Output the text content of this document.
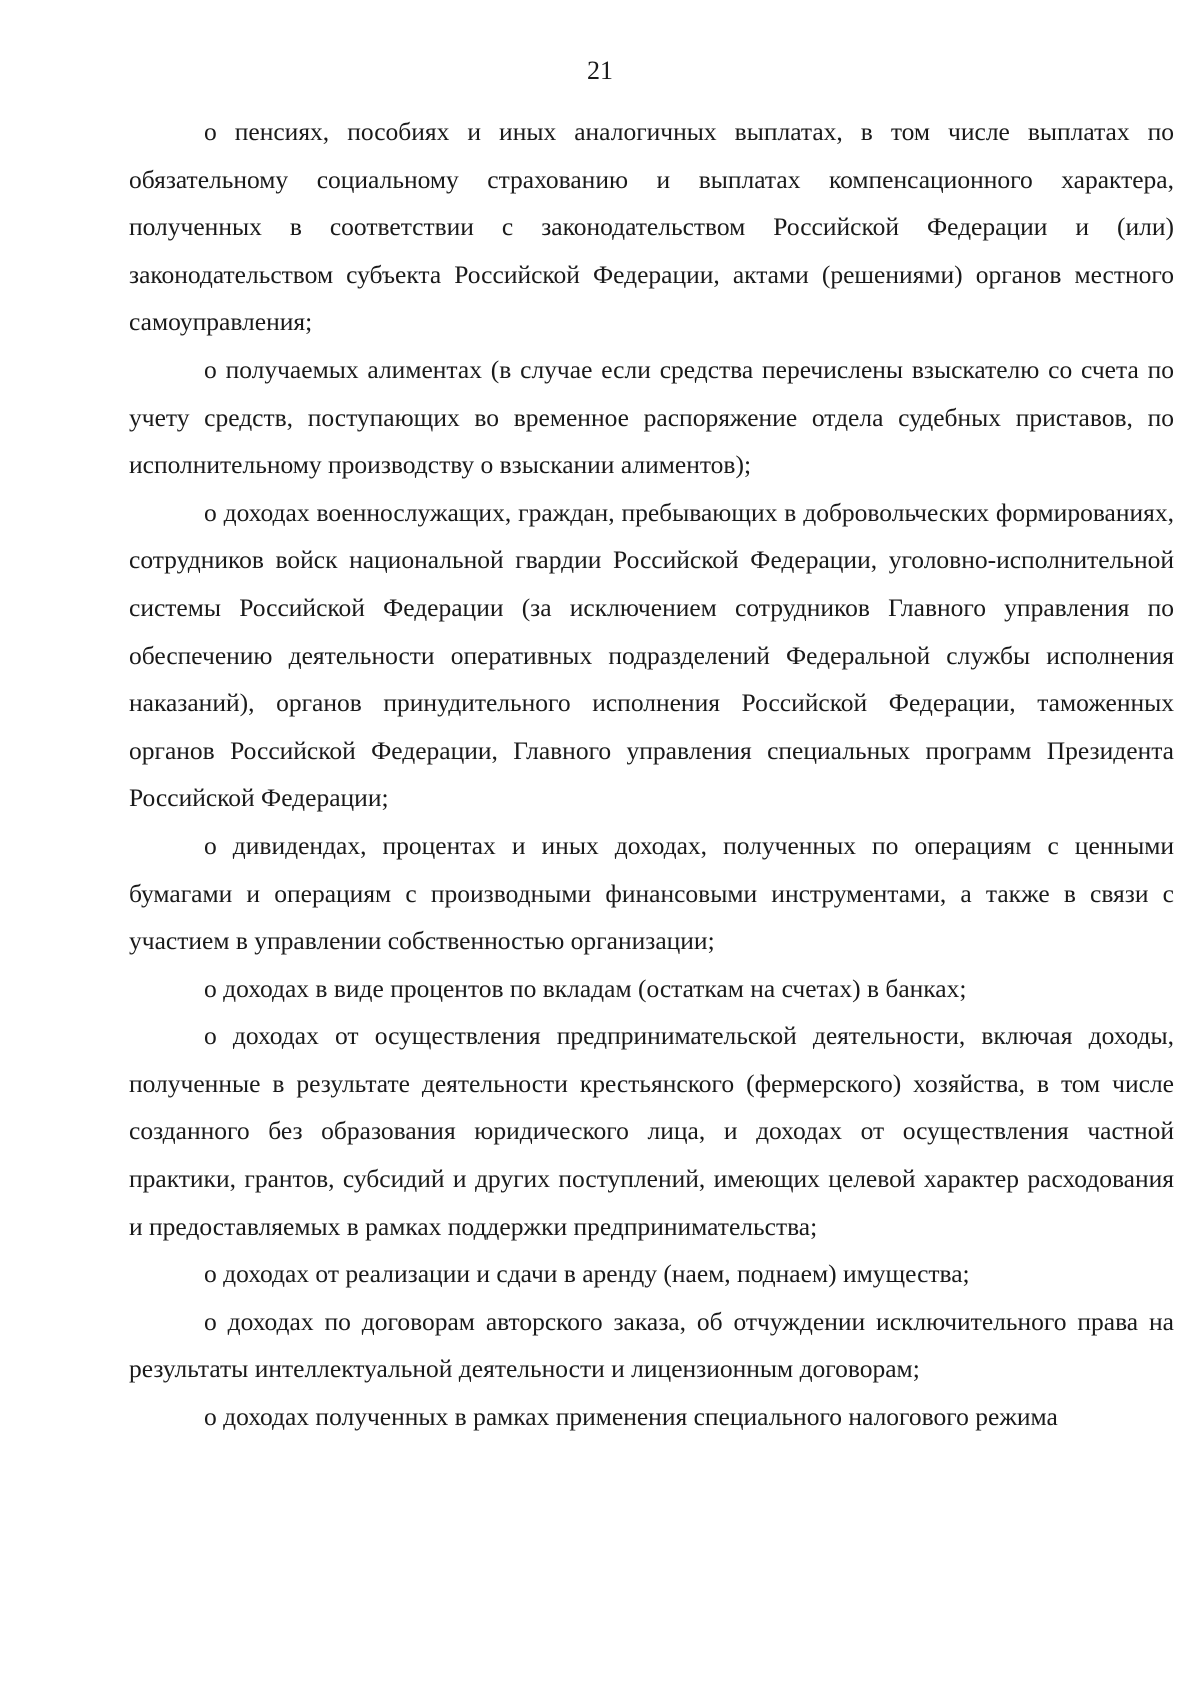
21

о пенсиях, пособиях и иных аналогичных выплатах, в том числе выплатах по обязательному социальному страхованию и выплатах компенсационного характера, полученных в соответствии с законодательством Российской Федерации и (или) законодательством субъекта Российской Федерации, актами (решениями) органов местного самоуправления;

о получаемых алиментах (в случае если средства перечислены взыскателю со счета по учету средств, поступающих во временное распоряжение отдела судебных приставов, по исполнительному производству о взыскании алиментов);

о доходах военнослужащих, граждан, пребывающих в добровольческих формированиях, сотрудников войск национальной гвардии Российской Федерации, уголовно-исполнительной системы Российской Федерации (за исключением сотрудников Главного управления по обеспечению деятельности оперативных подразделений Федеральной службы исполнения наказаний), органов принудительного исполнения Российской Федерации, таможенных органов Российской Федерации, Главного управления специальных программ Президента Российской Федерации;

о дивидендах, процентах и иных доходах, полученных по операциям с ценными бумагами и операциям с производными финансовыми инструментами, а также в связи с участием в управлении собственностью организации;

о доходах в виде процентов по вкладам (остаткам на счетах) в банках;

о доходах от осуществления предпринимательской деятельности, включая доходы, полученные в результате деятельности крестьянского (фермерского) хозяйства, в том числе созданного без образования юридического лица, и доходах от осуществления частной практики, грантов, субсидий и других поступлений, имеющих целевой характер расходования и предоставляемых в рамках поддержки предпринимательства;

о доходах от реализации и сдачи в аренду (наем, поднаем) имущества;

о доходах по договорам авторского заказа, об отчуждении исключительного права на результаты интеллектуальной деятельности и лицензионным договорам;

о доходах полученных в рамках применения специального налогового режима
